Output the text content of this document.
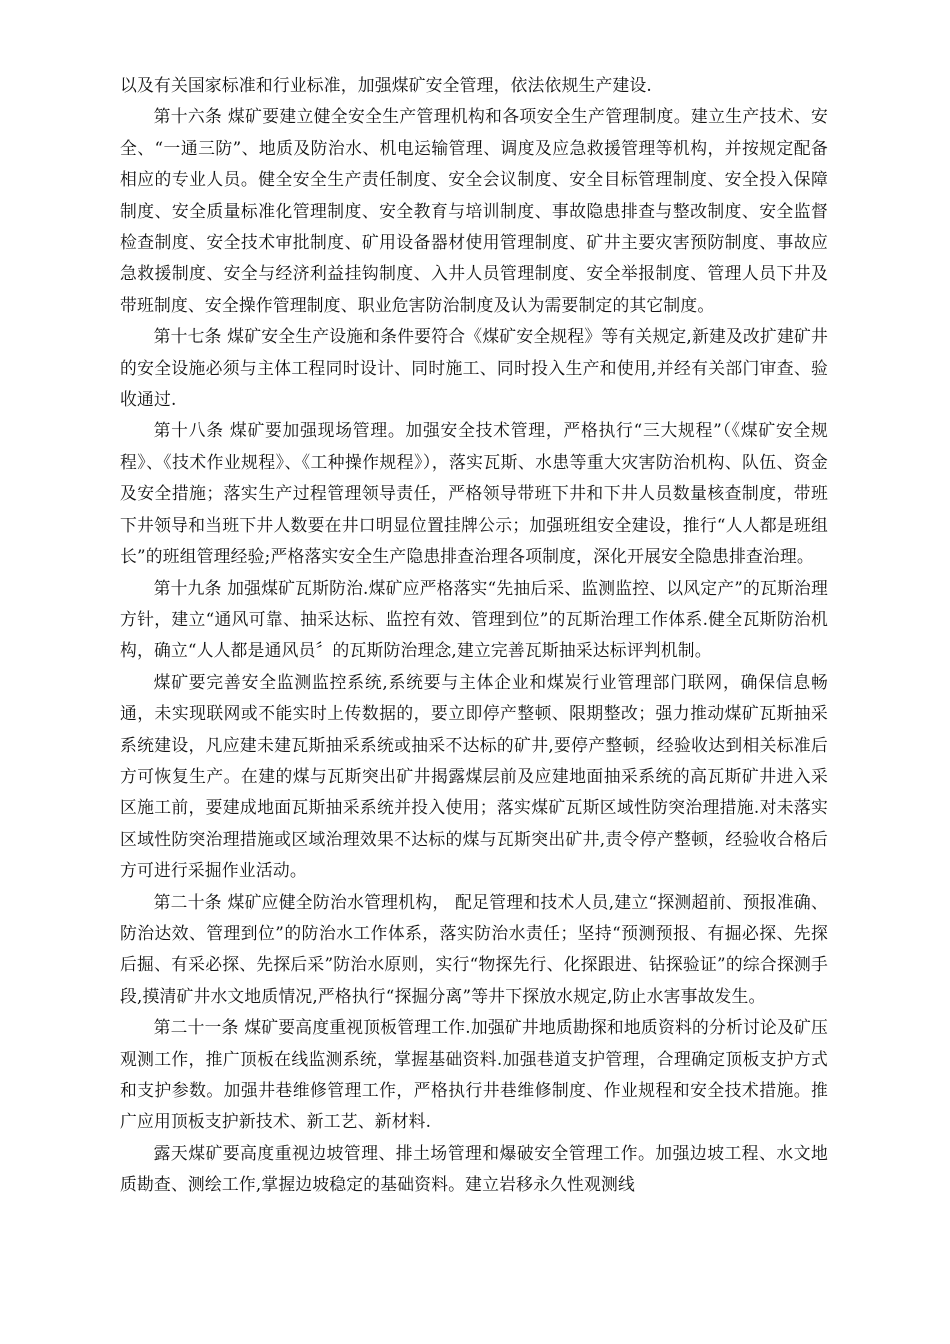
以及有关国家标准和行业标准，加强煤矿安全管理，依法依规生产建设.

第十六条 煤矿要建立健全安全生产管理机构和各项安全生产管理制度。建立生产技术、安全、“一通三防”、地质及防治水、机电运输管理、调度及应急救援管理等机构，并按规定配备相应的专业人员。健全安全生产责任制度、安全会议制度、安全目标管理制度、安全投入保障制度、安全质量标准化管理制度、安全教育与培训制度、事故隐患排查与整改制度、安全监督检查制度、安全技术审批制度、矿用设备器材使用管理制度、矿井主要灾害预防制度、事故应急救援制度、安全与经济利益挂钩制度、入井人员管理制度、安全举报制度、管理人员下井及带班制度、安全操作管理制度、职业危害防治制度及认为需要制定的其它制度。

第十七条 煤矿安全生产设施和条件要符合《煤矿安全规程》等有关规定,新建及改扩建矿井的安全设施必须与主体工程同时设计、同时施工、同时投入生产和使用,并经有关部门审查、验收通过.

第十八条 煤矿要加强现场管理。加强安全技术管理，严格执行“三大规程”（《煤矿安全规程》、《技术作业规程》、《工种操作规程》），落实瓦斯、水患等重大灾害防治机构、队伍、资金及安全措施；落实生产过程管理领导责任，严格领导带班下井和下井人员数量核查制度，带班下井领导和当班下井人数要在井口明显位置挂牌公示；加强班组安全建设，推行“人人都是班组长”的班组管理经验;严格落实安全生产隐患排查治理各项制度，深化开展安全隐患排查治理。

第十九条 加强煤矿瓦斯防治.煤矿应严格落实“先抽后采、监测监控、以风定产”的瓦斯治理方针，建立“通风可靠、抽采达标、监控有效、管理到位”的瓦斯治理工作体系.健全瓦斯防治机构，确立“人人都是通风员〞的瓦斯防治理念,建立完善瓦斯抽采达标评判机制。

煤矿要完善安全监测监控系统,系统要与主体企业和煤炭行业管理部门联网，确保信息畅通，未实现联网或不能实时上传数据的，要立即停产整顿、限期整改；强力推动煤矿瓦斯抽采系统建设，凡应建未建瓦斯抽采系统或抽采不达标的矿井,要停产整顿，经验收达到相关标准后方可恢复生产。在建的煤与瓦斯突出矿井揭露煤层前及应建地面抽采系统的高瓦斯矿井进入采区施工前，要建成地面瓦斯抽采系统并投入使用；落实煤矿瓦斯区域性防突治理措施.对未落实区域性防突治理措施或区域治理效果不达标的煤与瓦斯突出矿井,责令停产整顿，经验收合格后方可进行采掘作业活动。

第二十条 煤矿应健全防治水管理机构， 配足管理和技术人员,建立“探测超前、预报准确、防治达效、管理到位”的防治水工作体系，落实防治水责任；坚持“预测预报、有掘必探、先探后掘、有采必探、先探后采”防治水原则，实行“物探先行、化探跟进、钻探验证”的综合探测手段,摸清矿井水文地质情况,严格执行“探掘分离”等井下探放水规定,防止水害事故发生。

第二十一条 煤矿要高度重视顶板管理工作.加强矿井地质勘探和地质资料的分析讨论及矿压观测工作，推广顶板在线监测系统，掌握基础资料.加强巷道支护管理，合理确定顶板支护方式和支护参数。加强井巷维修管理工作，严格执行井巷维修制度、作业规程和安全技术措施。推广应用顶板支护新技术、新工艺、新材料.

露天煤矿要高度重视边坡管理、排土场管理和爆破安全管理工作。加强边坡工程、水文地质勘查、测绘工作,掌握边坡稳定的基础资料。建立岩移永久性观测线
